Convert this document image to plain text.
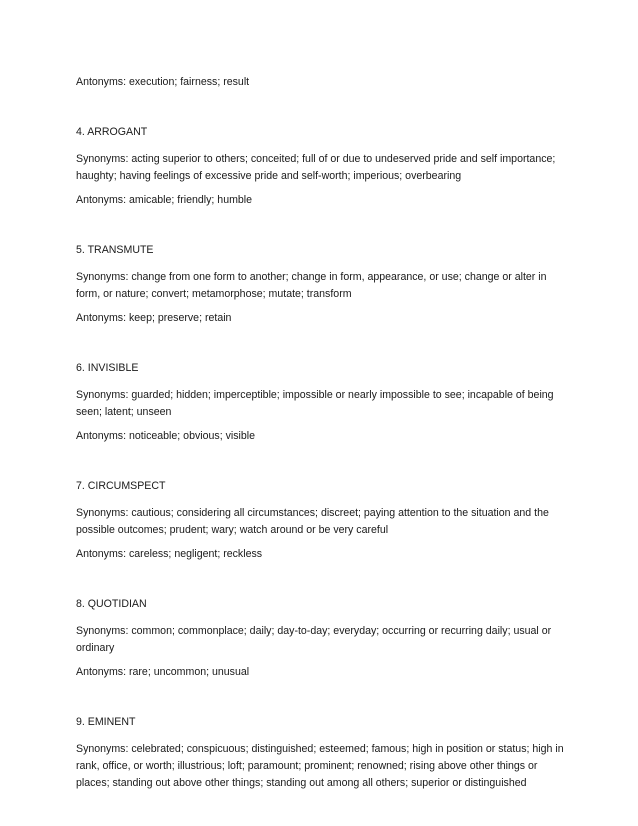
Antonyms: execution; fairness; result

4. ARROGANT

Synonyms: acting superior to others; conceited; full of or due to undeserved pride and self importance; haughty; having feelings of excessive pride and self-worth; imperious; overbearing

Antonyms: amicable; friendly; humble

5. TRANSMUTE

Synonyms: change from one form to another; change in form, appearance, or use; change or alter in form, or nature; convert; metamorphose; mutate; transform

Antonyms: keep; preserve; retain

6. INVISIBLE

Synonyms: guarded; hidden; imperceptible; impossible or nearly impossible to see; incapable of being seen; latent; unseen

Antonyms: noticeable; obvious; visible

7. CIRCUMSPECT

Synonyms: cautious; considering all circumstances; discreet; paying attention to the situation and the possible outcomes; prudent; wary; watch around or be very careful

Antonyms: careless; negligent; reckless

8. QUOTIDIAN

Synonyms: common; commonplace; daily; day-to-day; everyday; occurring or recurring daily; usual or ordinary

Antonyms: rare; uncommon; unusual

9. EMINENT

Synonyms: celebrated; conspicuous; distinguished; esteemed; famous; high in position or status; high in rank, office, or worth; illustrious; loft; paramount; prominent; renowned; rising above other things or places; standing out above other things; standing out among all others; superior or distinguished
